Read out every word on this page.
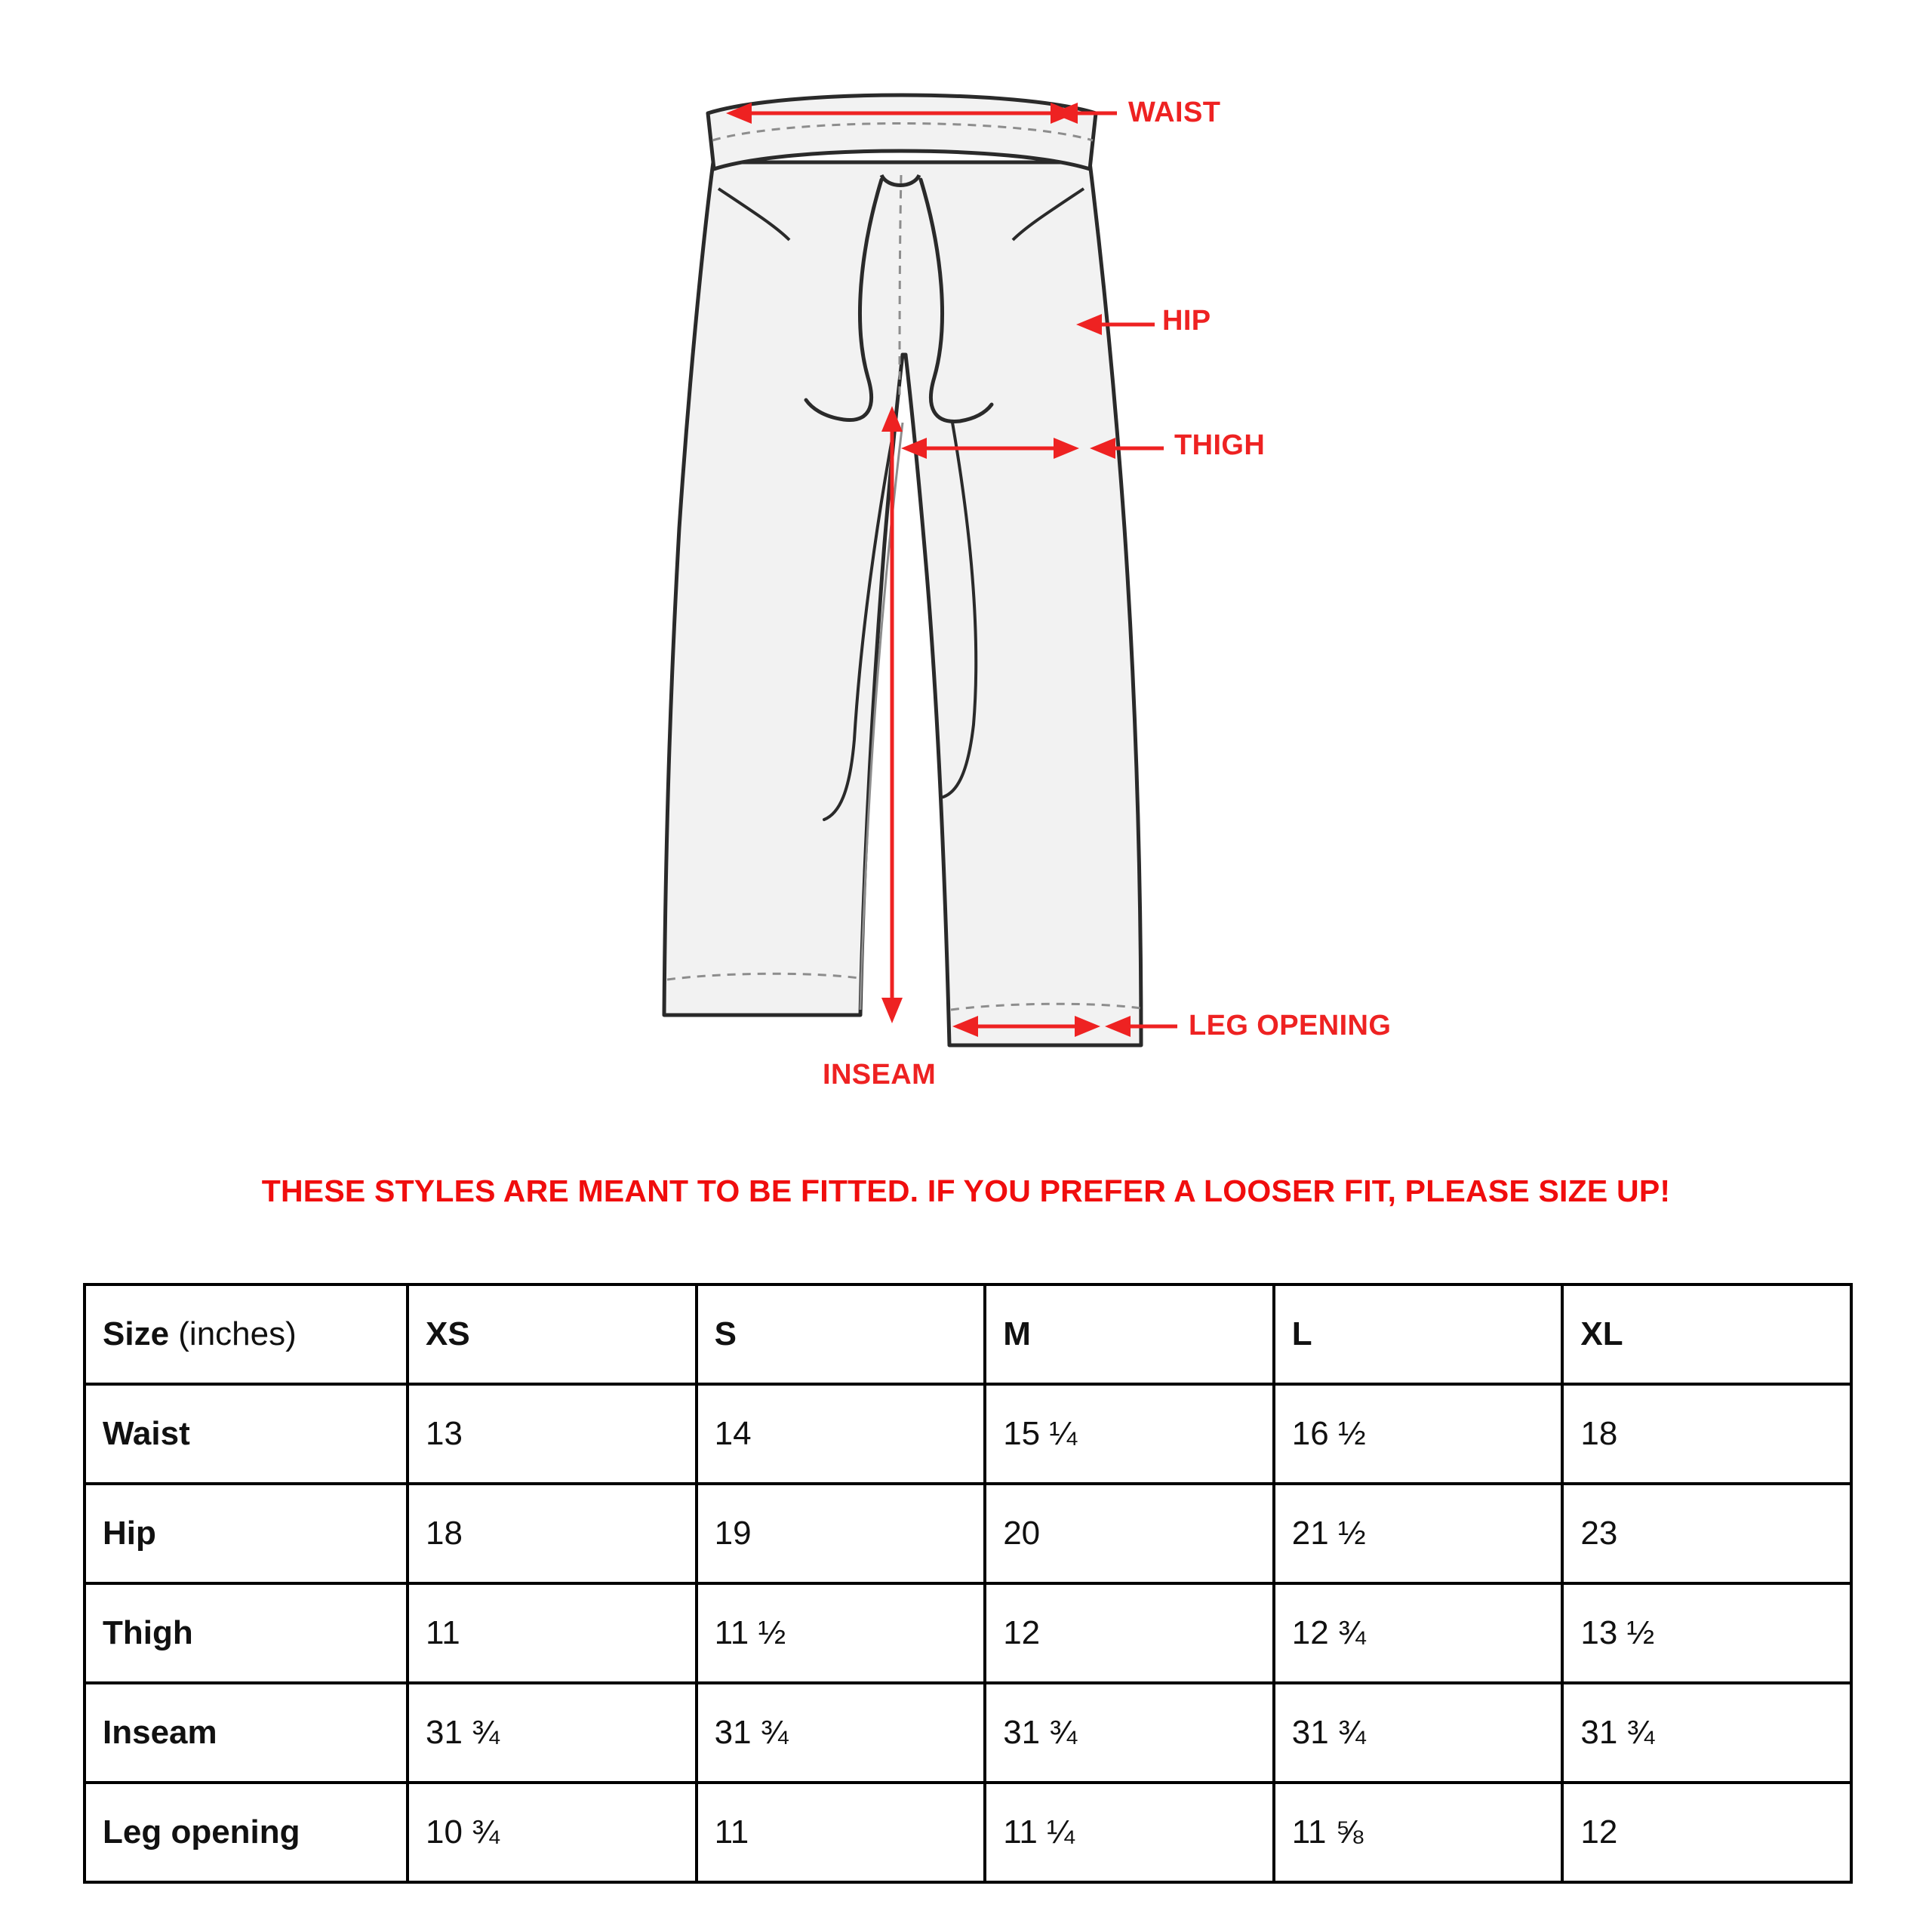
WAIST
HIP
THIGH
LEG OPENING
INSEAM
THESE STYLES ARE MEANT TO BE FITTED. IF YOU PREFER A LOOSER FIT, PLEASE SIZE UP!
Size (inches)	XS	S	M	L	XL
Waist	13	14	15 ¼	16 ½	18
Hip	18	19	20	21 ½	23
Thigh	11	11 ½	12	12 ¾	13 ½
Inseam	31 ¾	31 ¾	31 ¾	31 ¾	31 ¾
Leg opening	10 ¾	11	11 ¼	11 ⅝	12
